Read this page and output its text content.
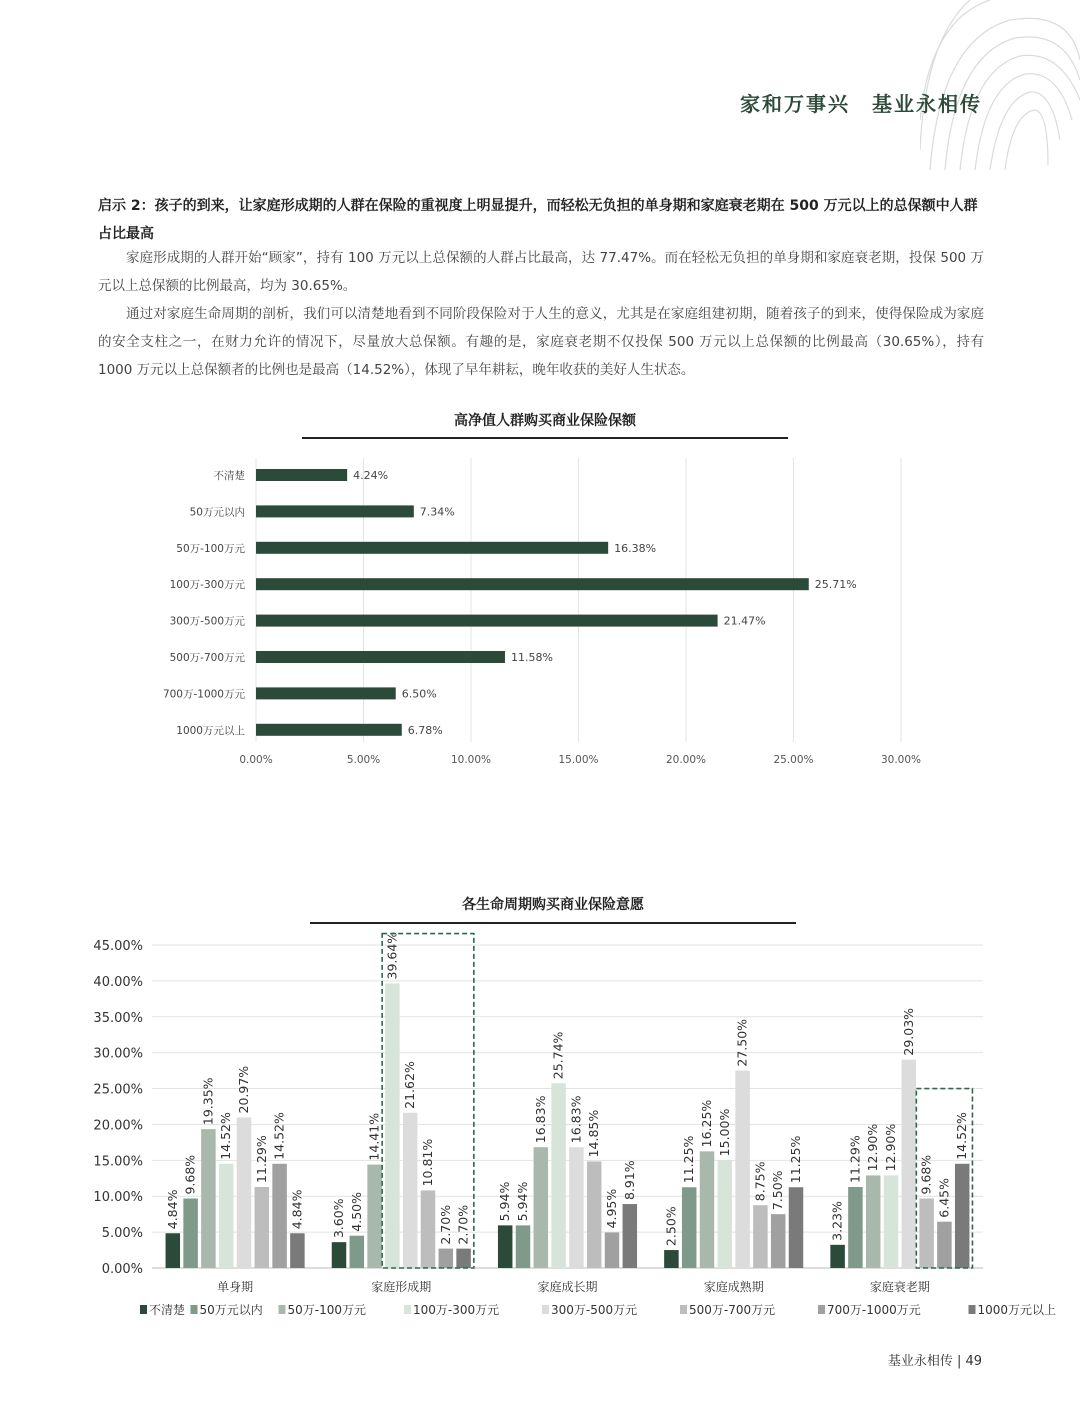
家和万事兴　基业永相传
启示 2：孩子的到来，让家庭形成期的人群在保险的重视度上明显提升，而轻松无负担的单身期和家庭衰老期在 500 万元以上的总保额中人群占比最高
家庭形成期的人群开始“顾家”，持有 100 万元以上总保额的人群占比最高，达 77.47%。而在轻松无负担的单身期和家庭衰老期，投保 500 万元以上总保额的比例最高，均为 30.65%。
通过对家庭生命周期的剖析，我们可以清楚地看到不同阶段保险对于人生的意义，尤其是在家庭组建初期，随着孩子的到来，使得保险成为家庭的安全支柱之一，在财力允许的情况下，尽量放大总保额。有趣的是，家庭衰老期不仅投保 500 万元以上总保额的比例最高（30.65%），持有 1000 万元以上总保额者的比例也是最高（14.52%），体现了早年耕耘，晚年收获的美好人生状态。
高净值人群购买商业保险保额
0.00%	5.00%	10.00%	15.00%	20.00%	25.00%	30.00%
不清楚	4.24%
50万元以内	7.34%
50万-100万元	16.38%
100万-300万元	25.71%
300万-500万元	21.47%
500万-700万元	11.58%
700万-1000万元	6.50%
1000万元以上	6.78%
各生命周期购买商业保险意愿
0.00%
5.00%
10.00%
15.00%
20.00%
25.00%
30.00%
35.00%
40.00%
45.00%
4.84%
9.68%
19.35%
14.52%
20.97%
11.29% 14.52%
4.84%
单身期
3.60% 4.50%
14.41%
39.64%
21.62%
10.81%
2.70% 2.70%
家庭形成期
5.94% 5.94%
16.83%
25.74%
16.83% 14.85%
4.95%
8.91%
家庭成长期
2.50%
11.25%
16.25% 15.00%
27.50%
8.75% 7.50%
11.25%
家庭成熟期
3.23%
11.29% 12.90% 12.90%
29.03%
9.68%
6.45%
14.52%
家庭衰老期
不清楚 50万元以内 50万-100万元	100万-300万元	300万-500万元	500万-700万元	700万-1000万元	1000万元以上
基业永相传 | 49
